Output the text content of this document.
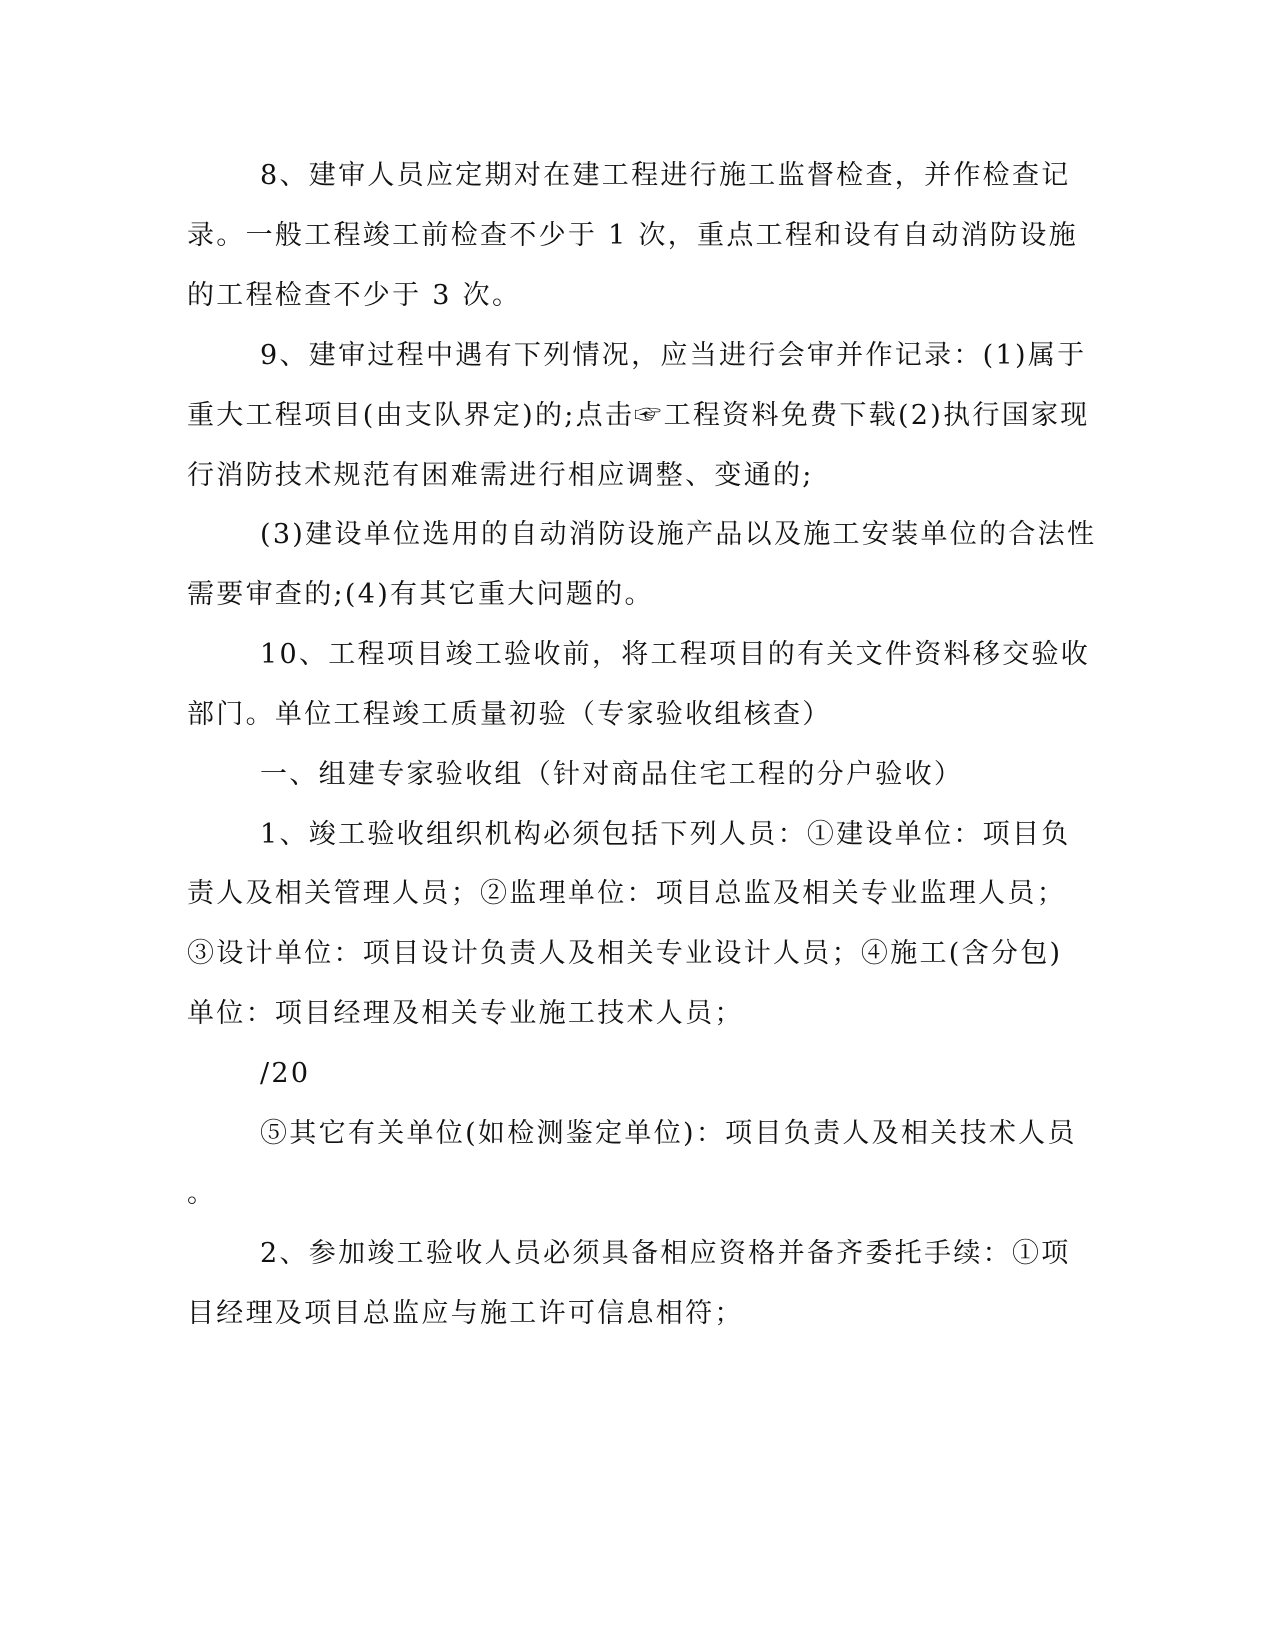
8、建审人员应定期对在建工程进行施工监督检查，并作检查记
录。一般工程竣工前检查不少于 1 次，重点工程和设有自动消防设施
的工程检查不少于 3 次。
9、建审过程中遇有下列情况，应当进行会审并作记录：(1)属于
重大工程项目(由支队界定)的;点击☞工程资料免费下载(2)执行国家现
行消防技术规范有困难需进行相应调整、变通的;
(3)建设单位选用的自动消防设施产品以及施工安装单位的合法性
需要审查的;(4)有其它重大问题的。
10、工程项目竣工验收前，将工程项目的有关文件资料移交验收
部门。单位工程竣工质量初验（专家验收组核查）
一、组建专家验收组（针对商品住宅工程的分户验收）
1、竣工验收组织机构必须包括下列人员：①建设单位：项目负
责人及相关管理人员；②监理单位：项目总监及相关专业监理人员；
③设计单位：项目设计负责人及相关专业设计人员；④施工(含分包)
单位：项目经理及相关专业施工技术人员；
/20
⑤其它有关单位(如检测鉴定单位)：项目负责人及相关技术人员
。
2、参加竣工验收人员必须具备相应资格并备齐委托手续：①项
目经理及项目总监应与施工许可信息相符；
